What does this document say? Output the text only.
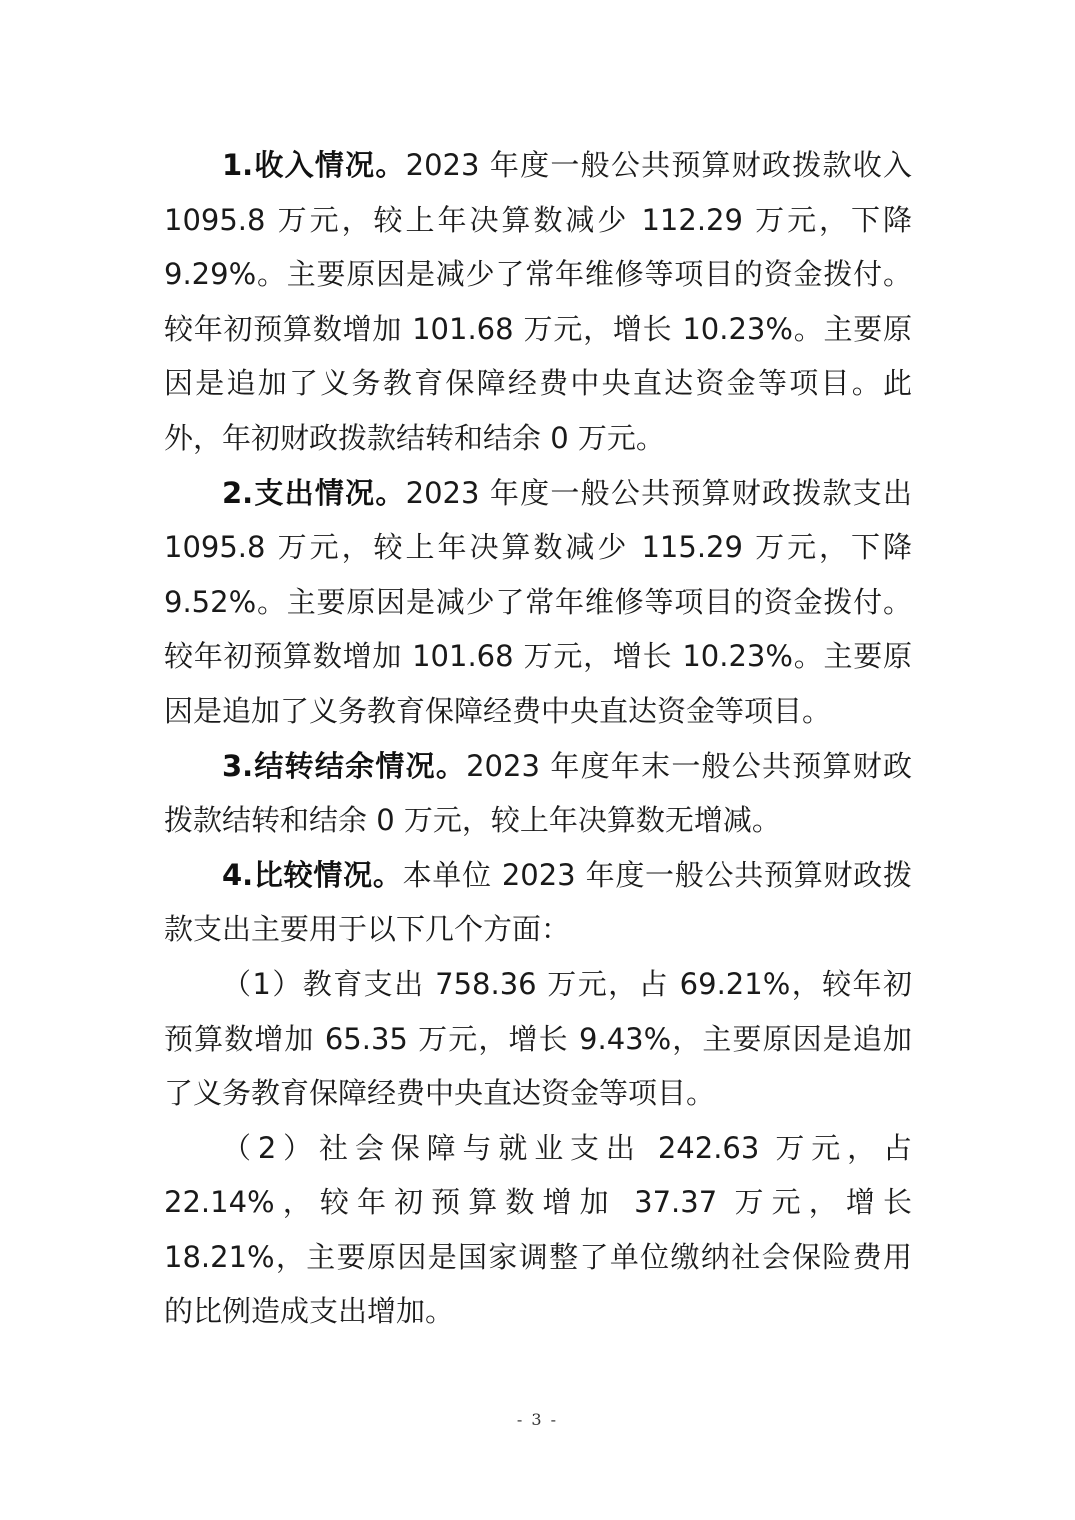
1.收入情况。2023 年度一般公共预算财政拨款收入 1095.8 万元，较上年决算数减少 112.29 万元，下降 9.29%。主要原因是减少了常年维修等项目的资金拨付。较年初预算数增加 101.68 万元，增长 10.23%。主要原因是追加了义务教育保障经费中央直达资金等项目。此外，年初财政拨款结转和结余 0 万元。

2.支出情况。2023 年度一般公共预算财政拨款支出 1095.8 万元，较上年决算数减少 115.29 万元，下降 9.52%。主要原因是减少了常年维修等项目的资金拨付。较年初预算数增加 101.68 万元，增长 10.23%。主要原因是追加了义务教育保障经费中央直达资金等项目。

3.结转结余情况。2023 年度年末一般公共预算财政拨款结转和结余 0 万元，较上年决算数无增减。

4.比较情况。本单位 2023 年度一般公共预算财政拨款支出主要用于以下几个方面：

（1）教育支出 758.36 万元，占 69.21%，较年初预算数增加 65.35 万元，增长 9.43%，主要原因是追加了义务教育保障经费中央直达资金等项目。

（2）社会保障与就业支出 242.63 万元，占 22.14%，较年初预算数增加 37.37 万元，增长 18.21%，主要原因是国家调整了单位缴纳社会保险费用的比例造成支出增加。

- 3 -
